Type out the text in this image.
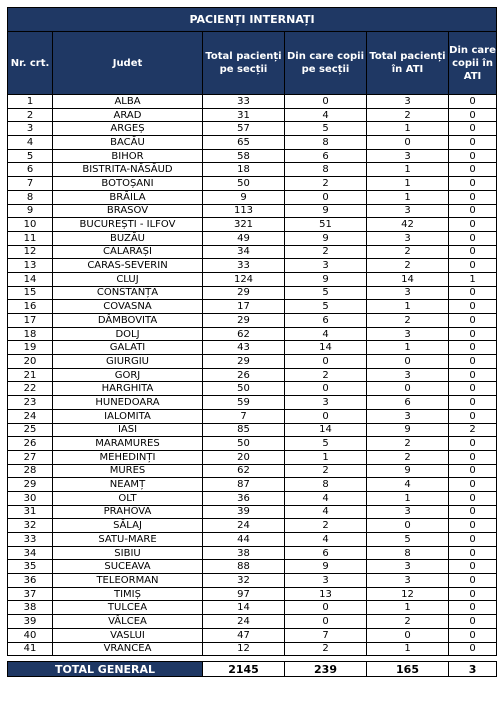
PACIENȚI INTERNAȚI					
Nr. crt.	Judet	Total pacienți pe secții	Din care copii pe secții	Total pacienți în ATI	Din care copii în ATI
1	ALBA	33	0	3	0
2	ARAD	31	4	2	0
3	ARGEȘ	57	5	1	0
4	BACĂU	65	8	0	0
5	BIHOR	58	6	3	0
6	BISTRITA-NĂSĂUD	18	8	1	0
7	BOTOȘANI	50	2	1	0
8	BRĂILA	9	0	1	0
9	BRASOV	113	9	3	0
10	BUCUREȘTI - ILFOV	321	51	42	0
11	BUZĂU	49	9	3	0
12	CĂLĂRAȘI	34	2	2	0
13	CARAS-SEVERIN	33	3	2	0
14	CLUJ	124	9	14	1
15	CONSTANȚA	29	5	3	0
16	COVASNA	17	5	1	0
17	DÂMBOVITA	29	6	2	0
18	DOLJ	62	4	3	0
19	GALATI	43	14	1	0
20	GIURGIU	29	0	0	0
21	GORJ	26	2	3	0
22	HARGHITA	50	0	0	0
23	HUNEDOARA	59	3	6	0
24	IALOMITA	7	0	3	0
25	IASI	85	14	9	2
26	MARAMURES	50	5	2	0
27	MEHEDINȚI	20	1	2	0
28	MURES	62	2	9	0
29	NEAMȚ	87	8	4	0
30	OLT	36	4	1	0
31	PRAHOVA	39	4	3	0
32	SĂLAJ	24	2	0	0
33	SATU-MARE	44	4	5	0
34	SIBIU	38	6	8	0
35	SUCEAVA	88	9	3	0
36	TELEORMAN	32	3	3	0
37	TIMIȘ	97	13	12	0
38	TULCEA	14	0	1	0
39	VÂLCEA	24	0	2	0
40	VASLUI	47	7	0	0
41	VRANCEA	12	2	1	0

TOTAL GENERAL		2145	239	165	3
